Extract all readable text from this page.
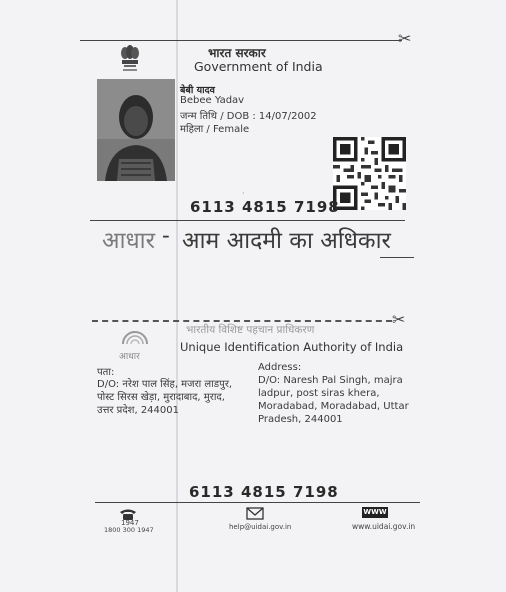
✂
भारत सरकार
Government of India
बेबी यादव
Bebee Yadav
जन्म तिथि / DOB : 14/07/2002
महिला / Female
·
6113 4815 7198
आधार - आम आदमी का अधिकार
✂
आधार
भारतीय विशिष्ट पहचान प्राधिकरण
Unique Identification Authority of India
पता:
D/O: नरेश पाल सिंह, मजरा लाडपुर,
पोस्ट सिरस खेड़ा, मुरादाबाद, मुराद,
उत्तर प्रदेश, 244001
Address:
D/O: Naresh Pal Singh, majra
ladpur, post siras khera,
Moradabad, Moradabad, Uttar
Pradesh, 244001
6113 4815 7198
1947
1800 300 1947	help@uidai.gov.in
WWW
www.uidai.gov.in
